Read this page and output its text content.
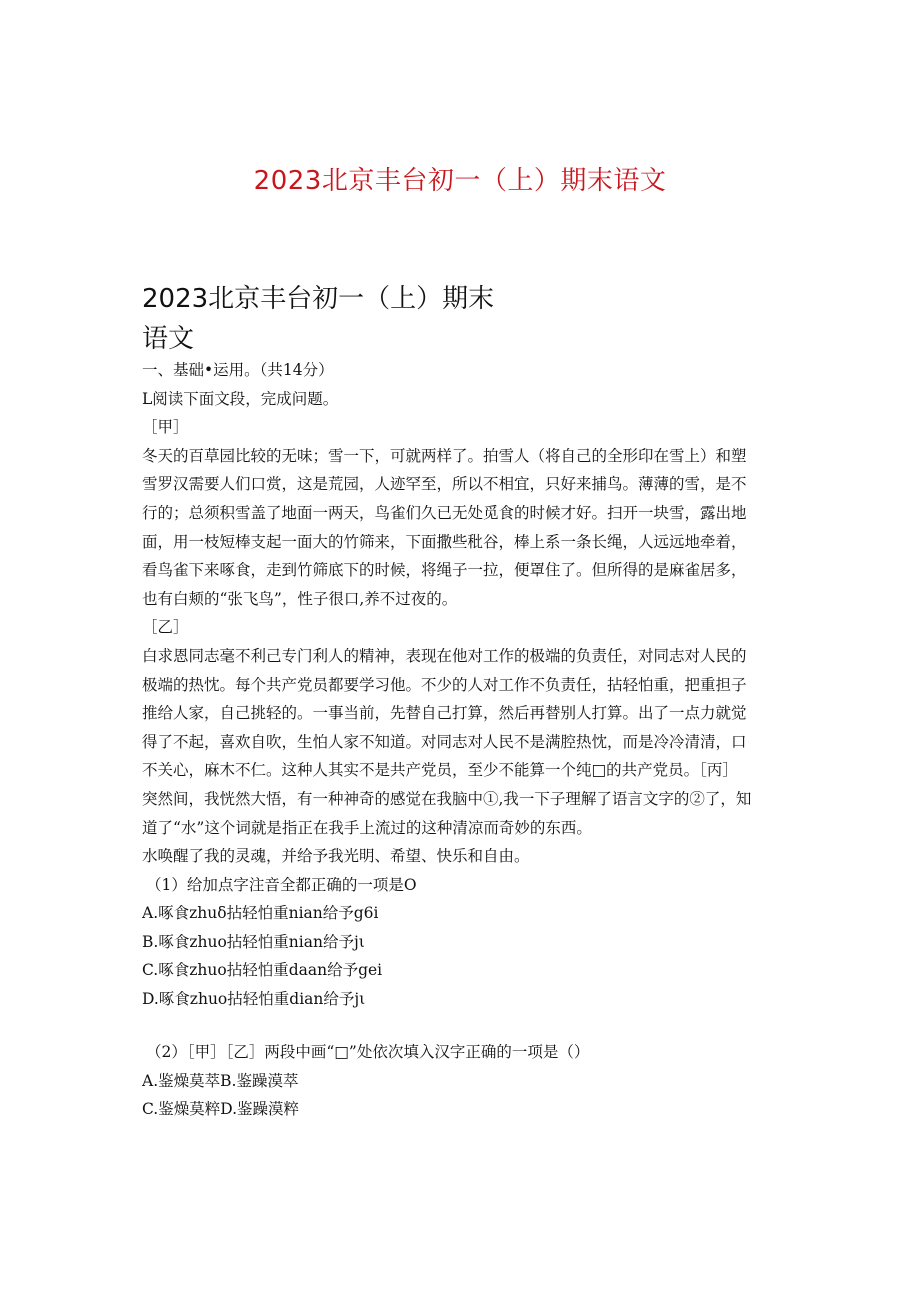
2023北京丰台初一（上）期末语文
2023北京丰台初一（上）期末
语文

一、基础•运用。（共14分）

L阅读下面文段，完成问题。

［甲］

冬天的百草园比较的无味；雪一下，可就两样了。拍雪人（将自己的全形印在雪上）和塑

雪罗汉需要人们口赏，这是荒园，人迹罕至，所以不相宜，只好来捕鸟。薄薄的雪，是不

行的；总须积雪盖了地面一两天，鸟雀们久已无处觅食的时候才好。扫开一块雪，露出地

面，用一枝短棒支起一面大的竹筛来，下面撒些秕谷，棒上系一条长绳，人远远地牵着，

看鸟雀下来啄食，走到竹筛底下的时候，将绳子一拉，便罩住了。但所得的是麻雀居多，

也有白颊的“张飞鸟”，性子很口,养不过夜的。

［乙］

白求恩同志毫不利己专门利人的精神，表现在他对工作的极端的负责任，对同志对人民的

极端的热忱。每个共产党员都要学习他。不少的人对工作不负责任，拈轻怕重，把重担子

推给人家，自己挑轻的。一事当前，先替自己打算，然后再替别人打算。出了一点力就觉

得了不起，喜欢自吹，生怕人家不知道。对同志对人民不是满腔热忱，而是冷冷清清，口

不关心，麻木不仁。这种人其实不是共产党员，至少不能算一个纯□的共产党员。［丙］

突然间，我恍然大悟，有一种神奇的感觉在我脑中①,我一下子理解了语言文字的②了，知

道了“水”这个词就是指正在我手上流过的这种清凉而奇妙的东西。

水唤醒了我的灵魂，并给予我光明、希望、快乐和自由。

（1）给加点字注音全都正确的一项是O

A.啄食zhuδ拈轻怕重nian给予g6i

B.啄食zhuo拈轻怕重nian给予jι

C.啄食zhuo拈轻怕重daan给予gei

D.啄食zhuo拈轻怕重dian给予jι

（2）［甲］［乙］两段中画“□”处依次填入汉字正确的一项是（）

A.鉴燥莫萃B.鉴躁漠萃

C.鉴燥莫粹D.鉴躁漠粹
